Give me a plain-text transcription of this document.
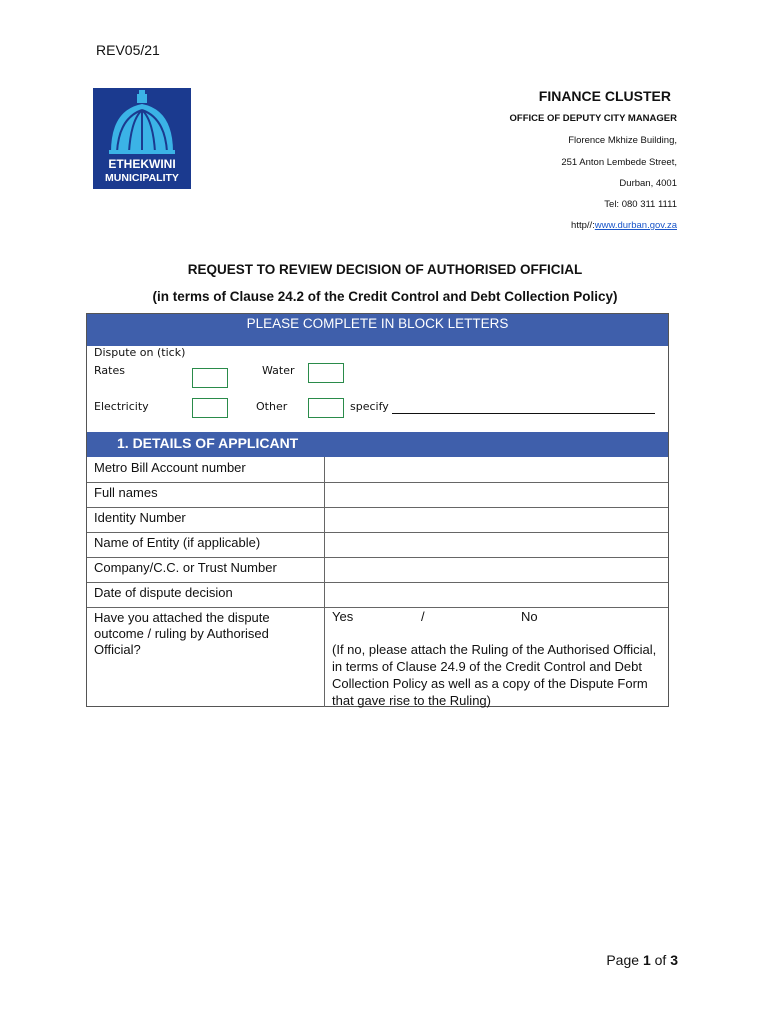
REV05/21
ETHEKWINI
MUNICIPALITY
FINANCE CLUSTER
OFFICE OF DEPUTY CITY MANAGER
Florence Mkhize Building,
251 Anton Lembede Street,
Durban, 4001
Tel: 080 311 1111
http//:www.durban.gov.za
REQUEST TO REVIEW DECISION OF AUTHORISED OFFICIAL
(in terms of Clause 24.2 of the Credit Control and Debt Collection Policy)
PLEASE COMPLETE IN BLOCK LETTERS
Dispute on (tick)
Rates	Water
Electricity	Other	specify
1. DETAILS OF APPLICANT
Metro Bill Account number
Full names
Identity Number
Name of Entity (if applicable)
Company/C.C. or Trust Number
Date of dispute decision
Have you attached the dispute outcome / ruling by Authorised Official?
Yes	/	No
(If no, please attach the Ruling of the Authorised Official, in terms of Clause 24.9 of the Credit Control and Debt Collection Policy as well as a copy of the Dispute Form that gave rise to the Ruling)
Page 1 of 3
